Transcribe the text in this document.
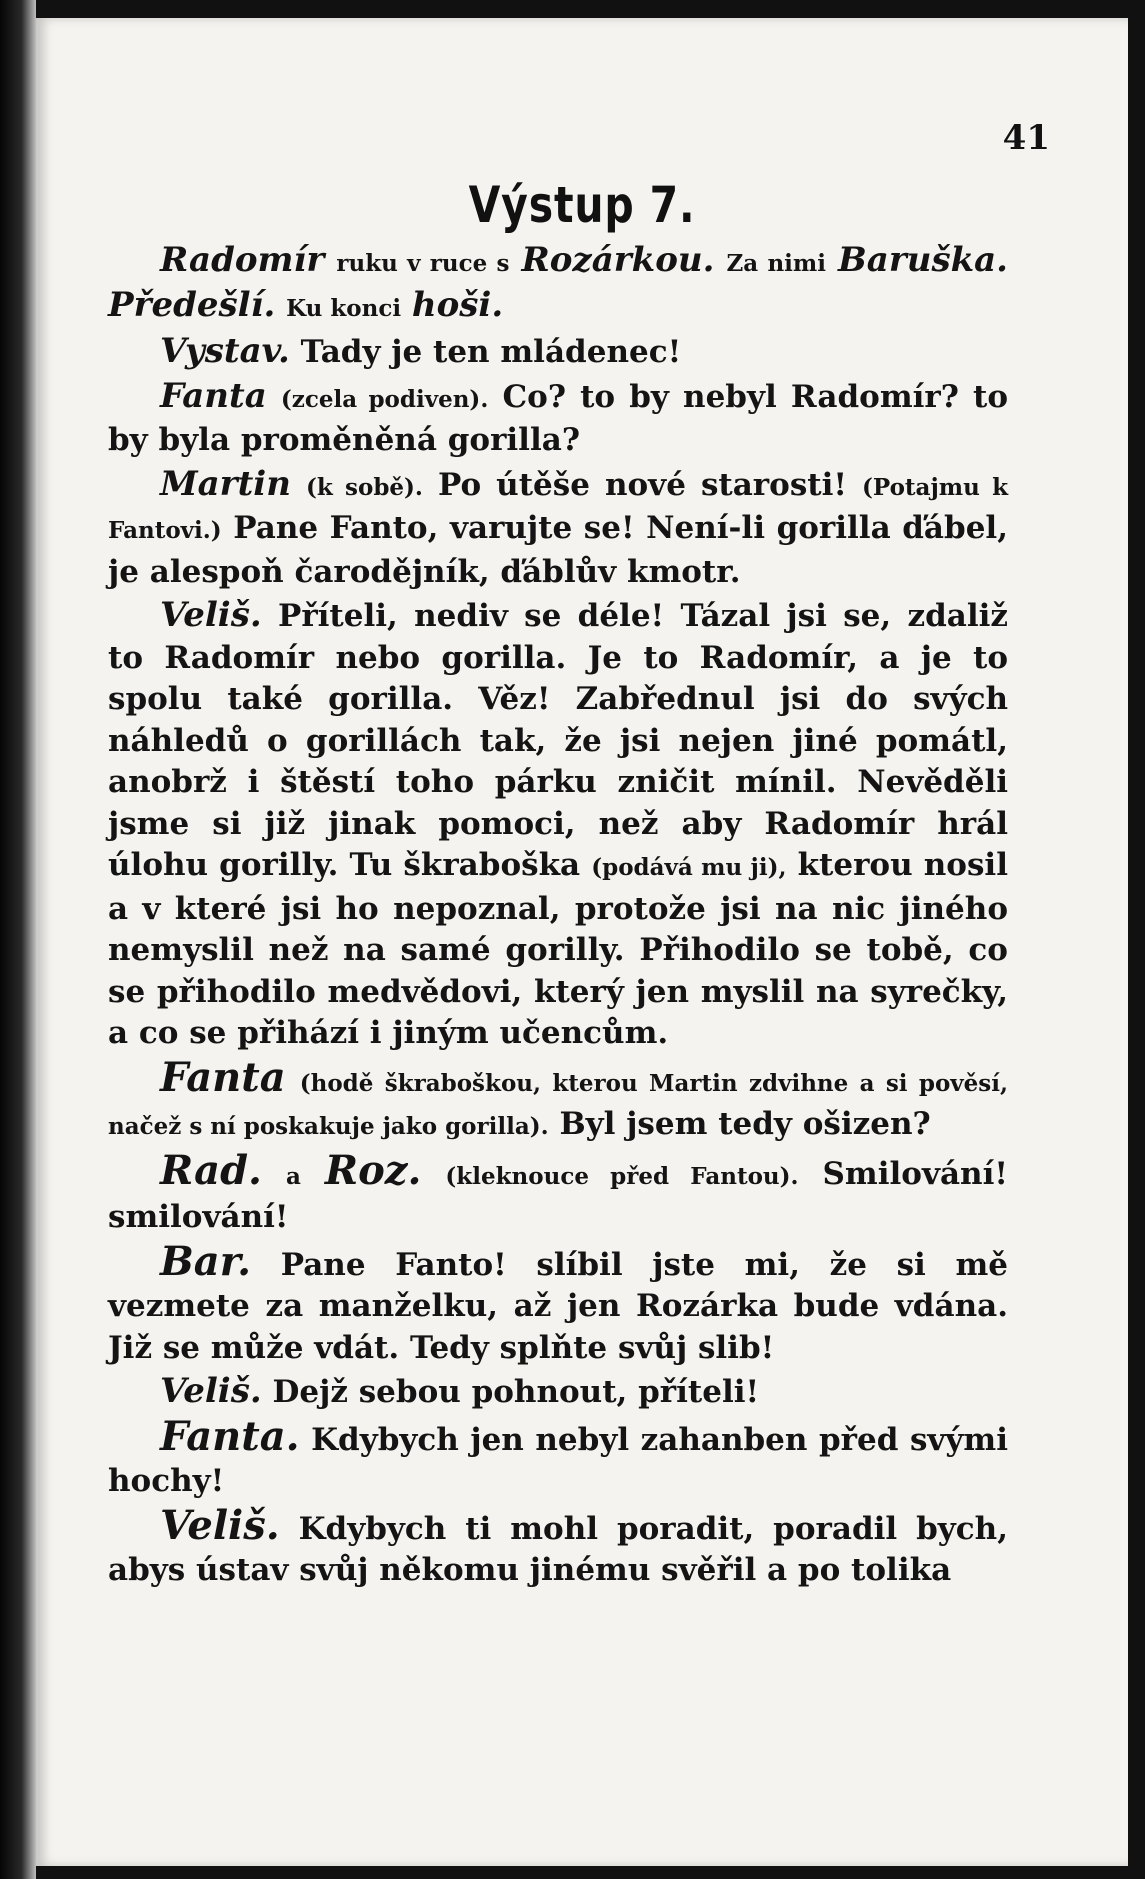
41
Výstup 7.

Radomír ruku v ruce s Rozárkou. Za nimi Baruška. Předešlí. Ku konci hoši.

Vystav. Tady je ten mládenec!

Fanta (zcela podiven). Co? to by nebyl Radomír? to by byla proměněná gorilla?

Martin (k sobě). Po útěše nové starosti! (Potajmu k Fantovi.) Pane Fanto, varujte se! Není-li gorilla ďábel, je alespoň čarodějník, ďáblův kmotr.

Veliš. Příteli, nediv se déle! Tázal jsi se, zdaliž to Radomír nebo gorilla. Je to Radomír, a je to spolu také gorilla. Věz! Zabřednul jsi do svých náhledů o gorillách tak, že jsi nejen jiné pomátl, anobrž i štěstí toho párku zničit mínil. Nevěděli jsme si již jinak pomoci, než aby Radomír hrál úlohu gorilly. Tu škraboška (podává mu ji), kterou nosil a v které jsi ho nepoznal, protože jsi na nic jiného nemyslil než na samé gorilly. Přihodilo se tobě, co se přihodilo medvědovi, který jen myslil na syrečky, a co se přihází i jiným učencům.

Fanta (hodě škraboškou, kterou Martin zdvihne a si pověsí, načež s ní poskakuje jako gorilla). Byl jsem tedy ošizen?

Rad. a Roz. (kleknouce před Fantou). Smilování! smilování!

Bar. Pane Fanto! slíbil jste mi, že si mě vezmete za manželku, až jen Rozárka bude vdána. Již se může vdát. Tedy splňte svůj slib!

Veliš. Dejž sebou pohnout, příteli!

Fanta. Kdybych jen nebyl zahanben před svými hochy!

Veliš. Kdybych ti mohl poradit, poradil bych, abys ústav svůj někomu jinému svěřil a po tolika
